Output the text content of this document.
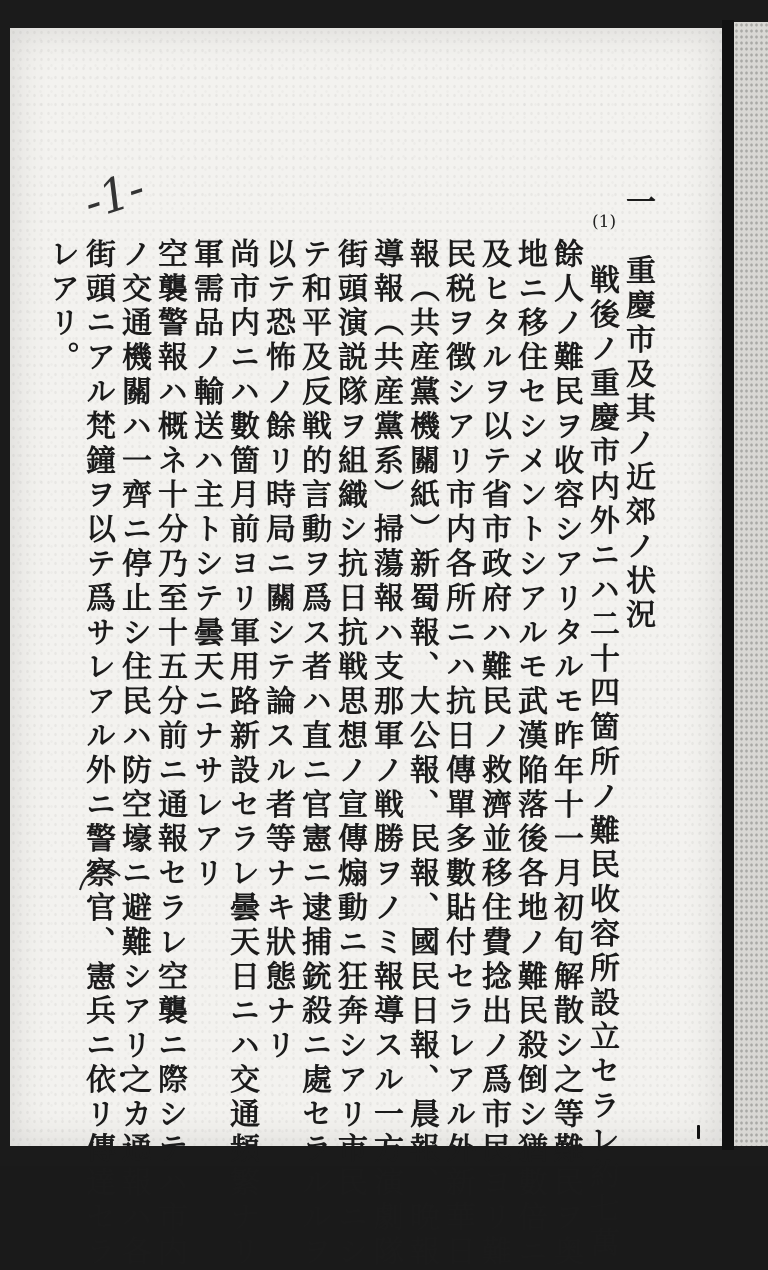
(1)
-1-	一　重慶市及其ノ近郊ノ状況
戦後ノ重慶市内外ニハ二十四箇所ノ難民收容所設立セラレ約七萬
餘人ノ難民ヲ收容シアリタルモ昨年十一月初旬解散シ之等難民ヲ奥
地ニ移住セシメントシアルモ武漢陥落後各地ノ難民殺倒シ猶數倍ニ
及ヒタルヲ以テ省市政府ハ難民ノ救濟並移住費捻出ノ爲市民ヨリ難
民税ヲ徴シアリ市内各所ニハ抗日傳單多數貼付セラレアル外新華日
報（共産黨機關紙）新蜀報、大公報、民報、國民日報、晨報、晩報
導報（共産黨系）掃蕩報ハ支那軍ノ戦勝ヲノミ報導スル一方演劇隊
街頭演説隊ヲ組織シ抗日抗戦思想ノ宣傳煽動ニ狂奔シアリ市民ニシ
テ和平及反戦的言動ヲ爲ス者ハ直ニ官憲ニ逮捕銃殺ニ處セラルルヲ
以テ恐怖ノ餘リ時局ニ關シテ論スル者等ナキ狀態ナリ
尚市内ニハ數箇月前ヨリ軍用路新設セラレ曇天日ニハ交通頻繁ナリ
軍需品ノ輸送ハ主トシテ曇天ニナサレアリ
空襲警報ハ概ネ十分乃至十五分前ニ通報セラレ空襲ニ際シテハ市内
ノ交通機關ハ一齊ニ停止シ住民ハ防空壕ニ避難シアリ之カ通報ハ各
街頭ニアル梵鐘ヲ以テ爲サレアル外ニ警察官、憲兵ニ依リ傳達セラ
レアリ。
